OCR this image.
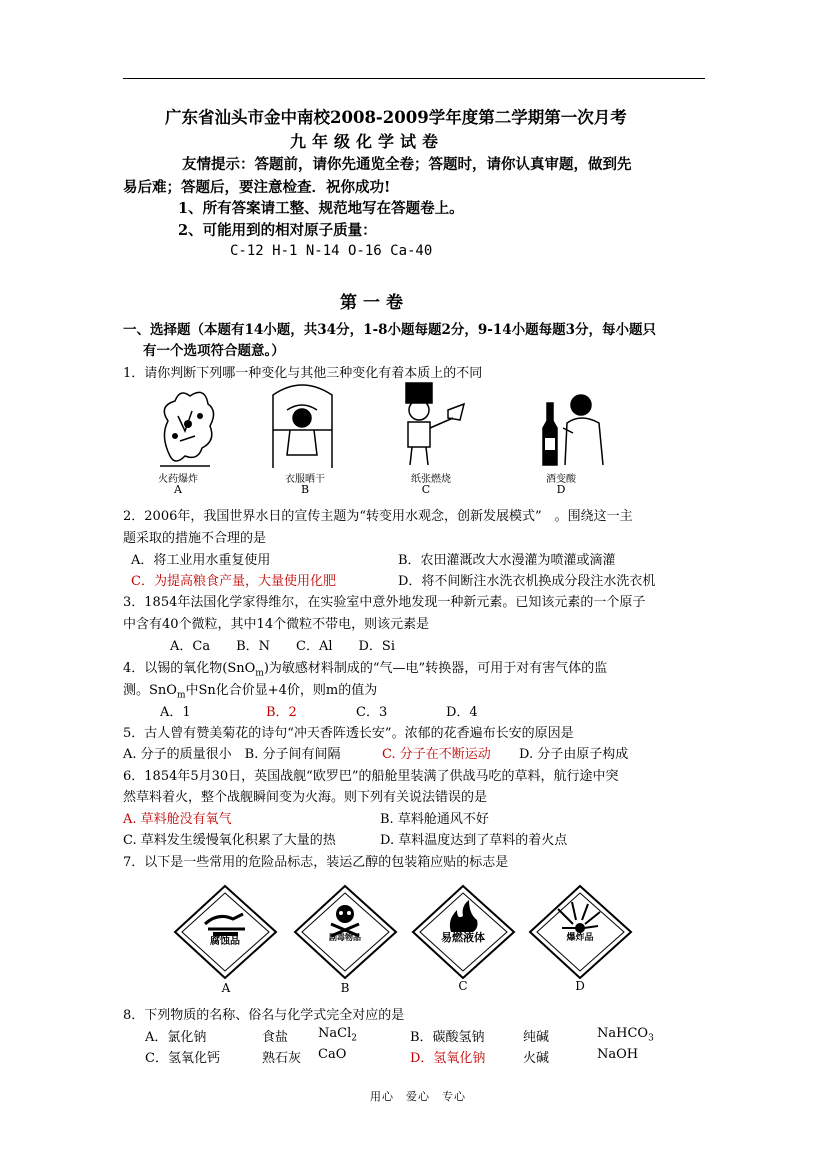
广东省汕头市金中南校2008-2009学年度第二学期第一次月考
九年级化学试卷
友情提示：答题前，请你先通览全卷；答题时，请你认真审题，做到先
易后难；答题后，要注意检查．祝你成功!
1、所有答案请工整、规范地写在答题卷上。
2、可能用到的相对原子质量：
C-12 H-1 N-14 O-16 Ca-40
第一卷
一、选择题（本题有14小题，共34分，1-8小题每题2分，9-14小题每题3分，每小题只
有一个选项符合题意。）
1．请你判断下列哪一种变化与其他三种变化有着本质上的不同
火药爆炸	衣服晒干	纸张燃烧	酒变酸
A	B	C	D
2．2006年，我国世界水日的宣传主题为“转变用水观念，创新发展模式”　。围绕这一主
题采取的措施不合理的是
A．将工业用水重复使用	B．农田灌溉改大水漫灌为喷灌或滴灌
C．为提高粮食产量，大量使用化肥	D．将不间断注水洗衣机换成分段注水洗衣机
3．1854年法国化学家得维尔，在实验室中意外地发现一种新元素。已知该元素的一个原子
中含有40个微粒，其中14个微粒不带电，则该元素是
A．Ca　　B．N　　C．Al　　D．Si
4．以锡的氧化物(SnO$_m$)为敏感材料制成的“气—电”转换器，可用于对有害气体的监
测。SnO$_m$中Sn化合价显+4价，则m的值为
A．1	B．2	C．3	D．4
5．古人曾有赞美菊花的诗句“冲天香阵透长安”。浓郁的花香遍布长安的原因是
A. 分子的质量很小　B. 分子间有间隔	C. 分子在不断运动 D. 分子由原子构成
6．1854年5月30日，英国战舰“欧罗巴”的船舱里装满了供战马吃的草料，航行途中突
然草料着火，整个战舰瞬间变为火海。则下列有关说法错误的是
A. 草料舱没有氧气	B. 草料舱通风不好
C. 草料发生缓慢氧化积累了大量的热	D. 草料温度达到了草料的着火点
7．以下是一些常用的危险品标志，装运乙醇的包装箱应贴的标志是
腐蚀品	剧毒物品	易燃液体	爆炸品
A	B	C	D
8．下列物质的名称、俗名与化学式完全对应的是
A．氯化钠	食盐 NaCl$_2$	B．碳酸氢钠	纯碱	NaHCO$_3$
C．氢氧化钙	熟石灰 CaO	D．氢氧化钠	火碱	NaOH
用心　爱心　专心
